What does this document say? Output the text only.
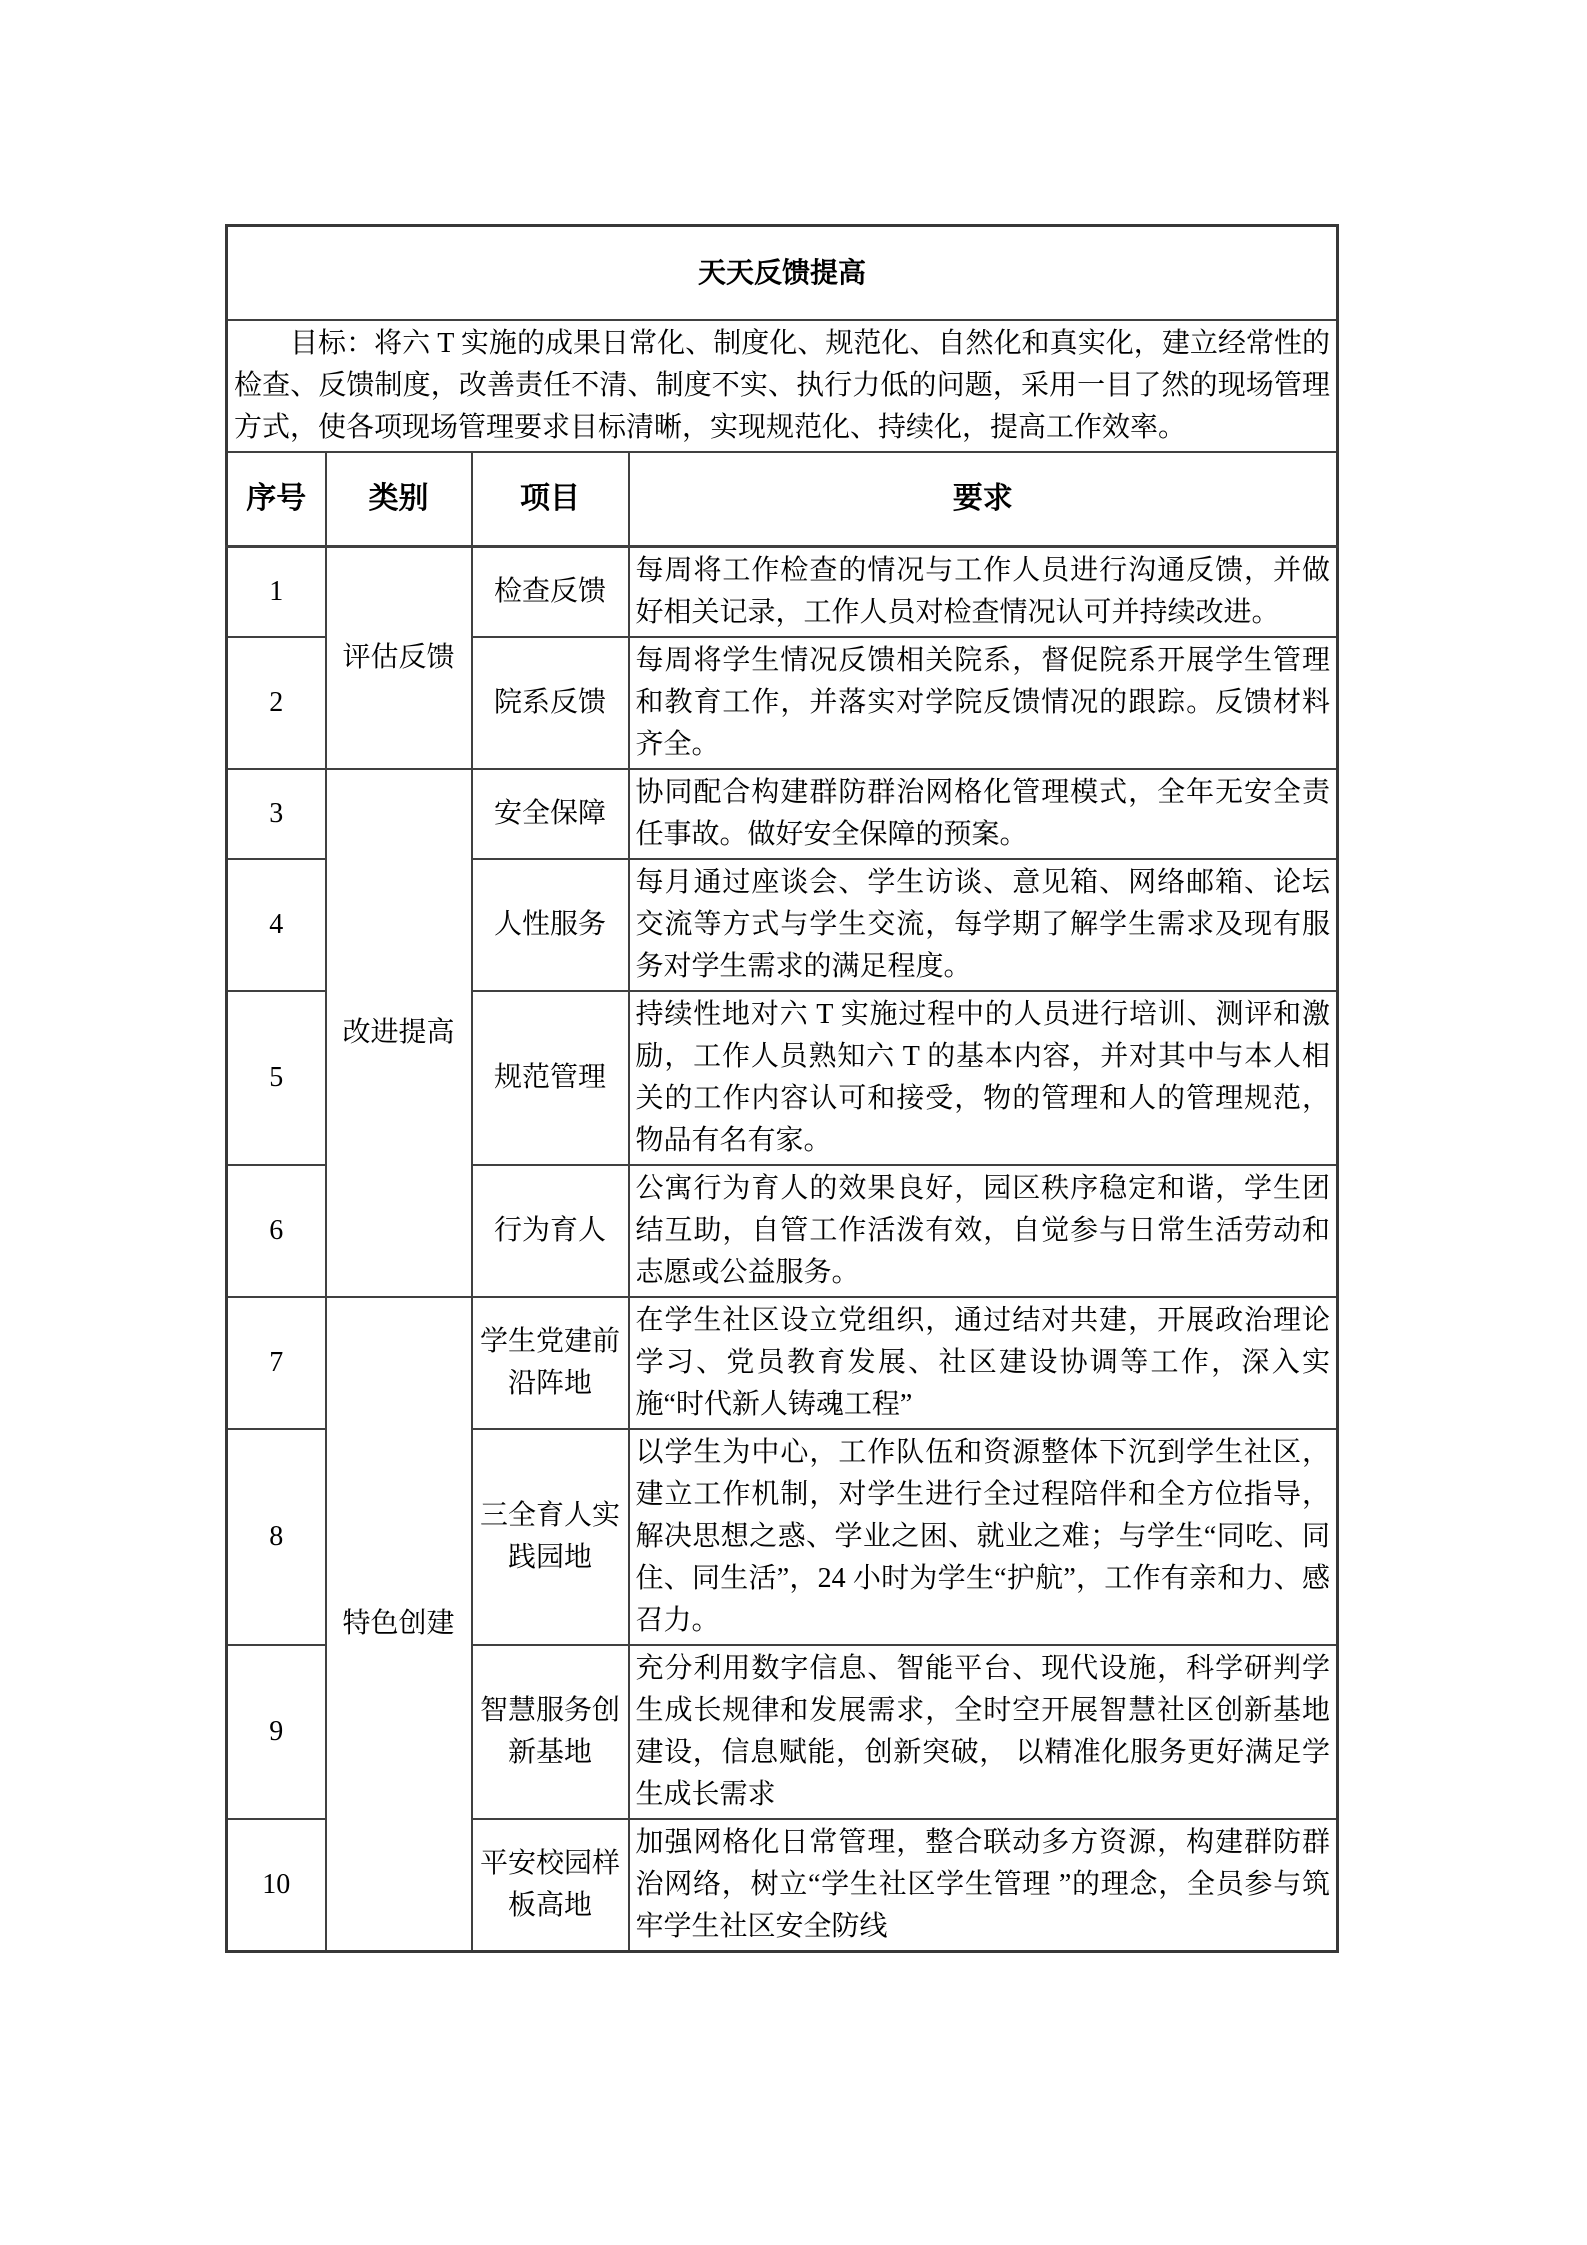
天天反馈提高			

目标：将六 T 实施的成果日常化、制度化、规范化、自然化和真实化，建立经常性的检查、反馈制度，改善责任不清、制度不实、执行力低的问题，采用一目了然的现场管理方式，使各项现场管理要求目标清晰，实现规范化、持续化，提高工作效率。			

序号	类别	项目	要求
1	评估反馈	检查反馈	每周将工作检查的情况与工作人员进行沟通反馈，并做好相关记录，工作人员对检查情况认可并持续改进。
2		院系反馈	每周将学生情况反馈相关院系，督促院系开展学生管理和教育工作，并落实对学院反馈情况的跟踪。反馈材料齐全。
3	改进提高	安全保障	协同配合构建群防群治网格化管理模式，全年无安全责任事故。做好安全保障的预案。
4		人性服务	每月通过座谈会、学生访谈、意见箱、网络邮箱、论坛交流等方式与学生交流，每学期了解学生需求及现有服务对学生需求的满足程度。
5		规范管理	持续性地对六 T 实施过程中的人员进行培训、测评和激励，工作人员熟知六 T 的基本内容，并对其中与本人相关的工作内容认可和接受，物的管理和人的管理规范，物品有名有家。
6		行为育人	公寓行为育人的效果良好，园区秩序稳定和谐，学生团结互助，自管工作活泼有效，自觉参与日常生活劳动和志愿或公益服务。
7	特色创建	学生党建前沿阵地	在学生社区设立党组织，通过结对共建，开展政治理论学习、党员教育发展、社区建设协调等工作，深入实施“时代新人铸魂工程”
8		三全育人实践园地	以学生为中心，工作队伍和资源整体下沉到学生社区，建立工作机制，对学生进行全过程陪伴和全方位指导，解决思想之惑、学业之困、就业之难；与学生“同吃、同住、同生活”，24 小时为学生“护航”，工作有亲和力、感召力。
9		智慧服务创新基地	充分利用数字信息、智能平台、现代设施，科学研判学生成长规律和发展需求，全时空开展智慧社区创新基地建设，信息赋能，创新突破， 以精准化服务更好满足学生成长需求
10		平安校园样板高地	加强网格化日常管理，整合联动多方资源，构建群防群治网络，树立“学生社区学生管理 ”的理念，全员参与筑牢学生社区安全防线
